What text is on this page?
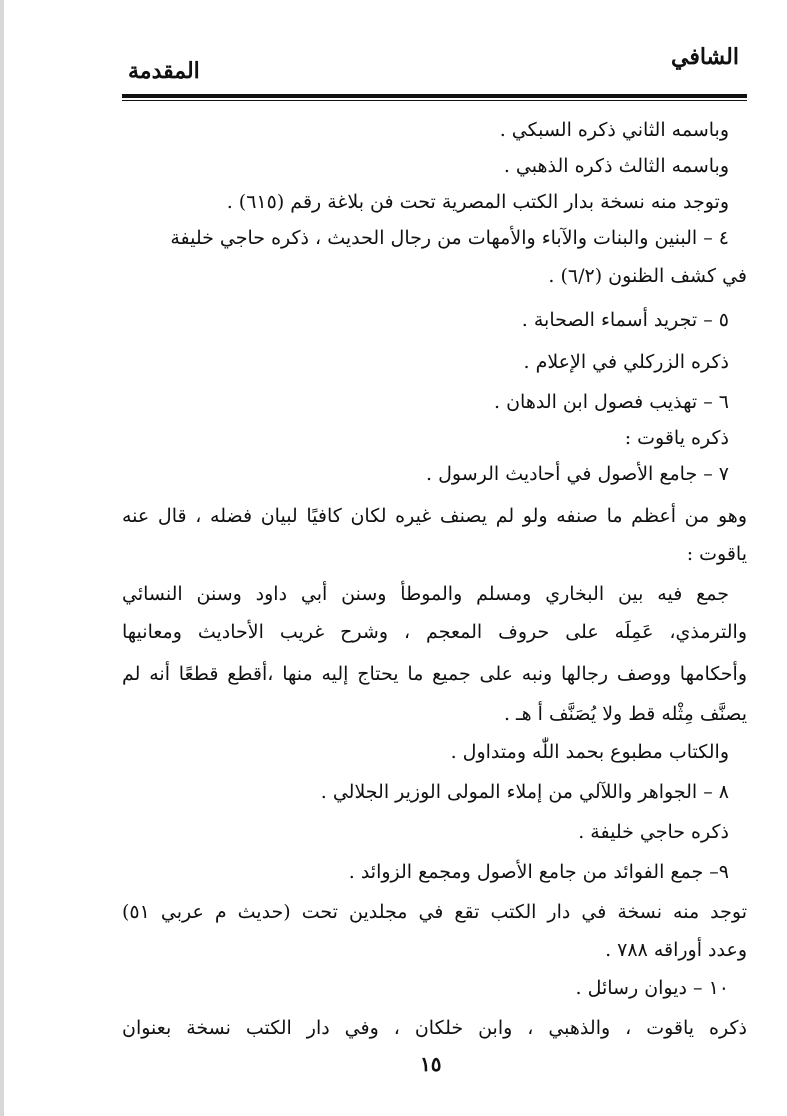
الشافي
المقدمة
وباسمه الثاني ذكره السبكي .
وباسمه الثالث ذكره الذهبي .
وتوجد منه نسخة بدار الكتب المصرية تحت فن بلاغة رقم (٦١٥) .
٤ – البنين والبنات والآباء والأمهات من رجال الحديث ، ذكره حاجي خليفة
في كشف الظنون (٦/٢) .
٥ – تجريد أسماء الصحابة .
ذكره الزركلي في الإعلام .
٦ – تهذيب فصول ابن الدهان .
ذكره ياقوت :
٧ – جامع الأصول في أحاديث الرسول .
وهو من أعظم ما صنفه ولو لم يصنف غيره لكان كافيًا لبيان فضله ، قال عنه
ياقوت :
جمع فيه بين البخاري ومسلم والموطأ وسنن أبي داود وسنن النسائي
والترمذي، عَمِلَه على حروف المعجم ، وشرح غريب الأحاديث ومعانيها
وأحكامها ووصف رجالها ونبه على جميع ما يحتاج إليه منها ،أقطع قطعًا أنه لم
يصنَّف مِثْله قط ولا يُصَنَّف أ هـ .
والكتاب مطبوع بحمد اللّٰه ومتداول .
٨ – الجواهر واللآلي من إملاء المولى الوزير الجلالي .
ذكره حاجي خليفة .
٩– جمع الفوائد من جامع الأصول ومجمع الزوائد .
توجد منه نسخة في دار الكتب تقع في مجلدين تحت (حديث م عربي ٥١)
وعدد أوراقه ٧٨٨ .
١٠ – ديوان رسائل .
ذكره ياقوت ، والذهبي ، وابن خلكان ، وفي دار الكتب نسخة بعنوان
١٥
